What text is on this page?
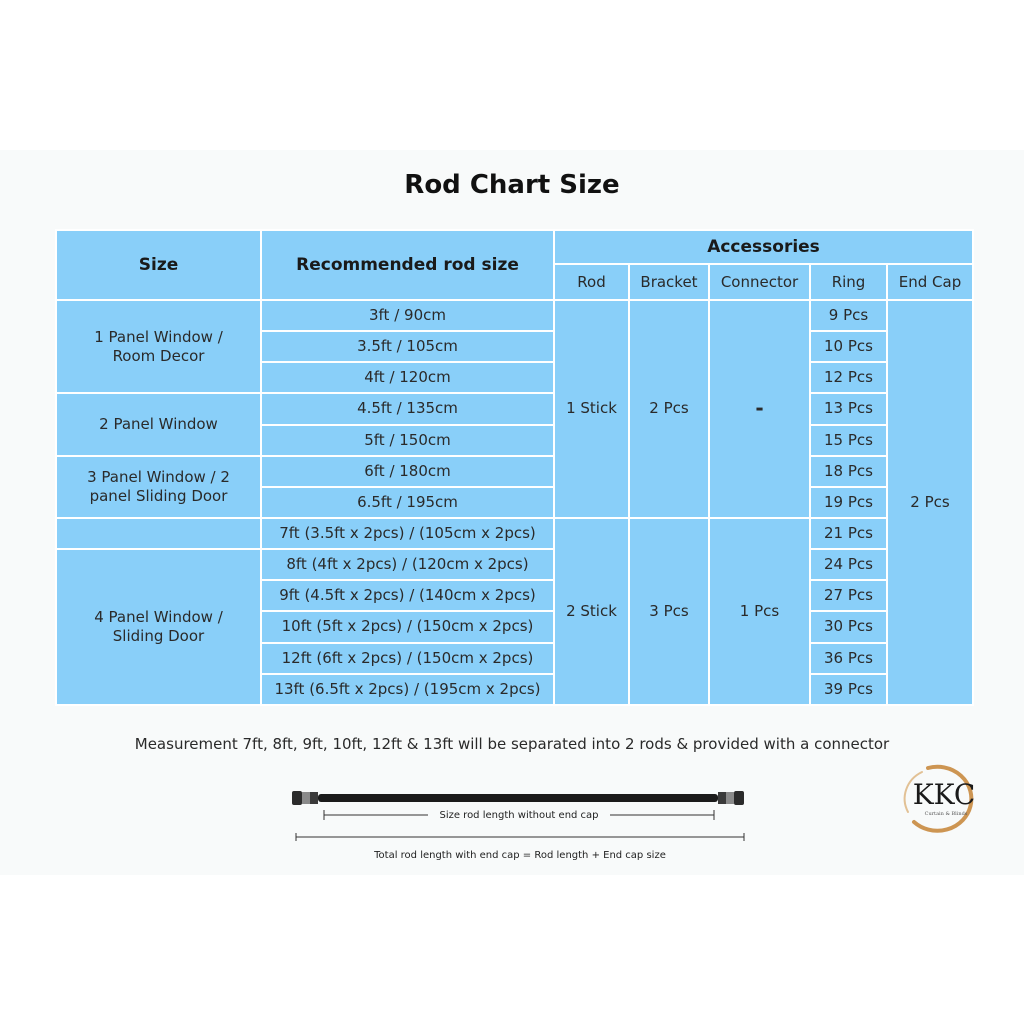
Rod Chart Size
Size	Recommended rod size	Accessories				
		Rod	Bracket	Connector	Ring	End Cap
1 Panel Window / Room Decor	3ft / 90cm	1 Stick	2 Pcs	-	9 Pcs	2 Pcs
	3.5ft / 105cm				10 Pcs	
	4ft / 120cm				12 Pcs	
2 Panel Window	4.5ft / 135cm				13 Pcs	
	5ft / 150cm				15 Pcs	
3 Panel Window / 2 panel Sliding Door	6ft / 180cm				18 Pcs	
	6.5ft / 195cm				19 Pcs	
	7ft (3.5ft x 2pcs) / (105cm x 2pcs)	2 Stick	3 Pcs	1 Pcs	21 Pcs	
4 Panel Window / Sliding Door	8ft (4ft x 2pcs) / (120cm x 2pcs)				24 Pcs	
	9ft (4.5ft x 2pcs) / (140cm x 2pcs)				27 Pcs	
	10ft (5ft x 2pcs) / (150cm x 2pcs)				30 Pcs	
	12ft (6ft x 2pcs) / (150cm x 2pcs)				36 Pcs	
	13ft (6.5ft x 2pcs) / (195cm x 2pcs)				39 Pcs	
Measurement 7ft, 8ft, 9ft, 10ft, 12ft & 13ft will be separated into 2 rods & provided with a connector
Size rod length without end cap
Total rod length with end cap = Rod length + End cap size
KKC
Curtain & Blinds
